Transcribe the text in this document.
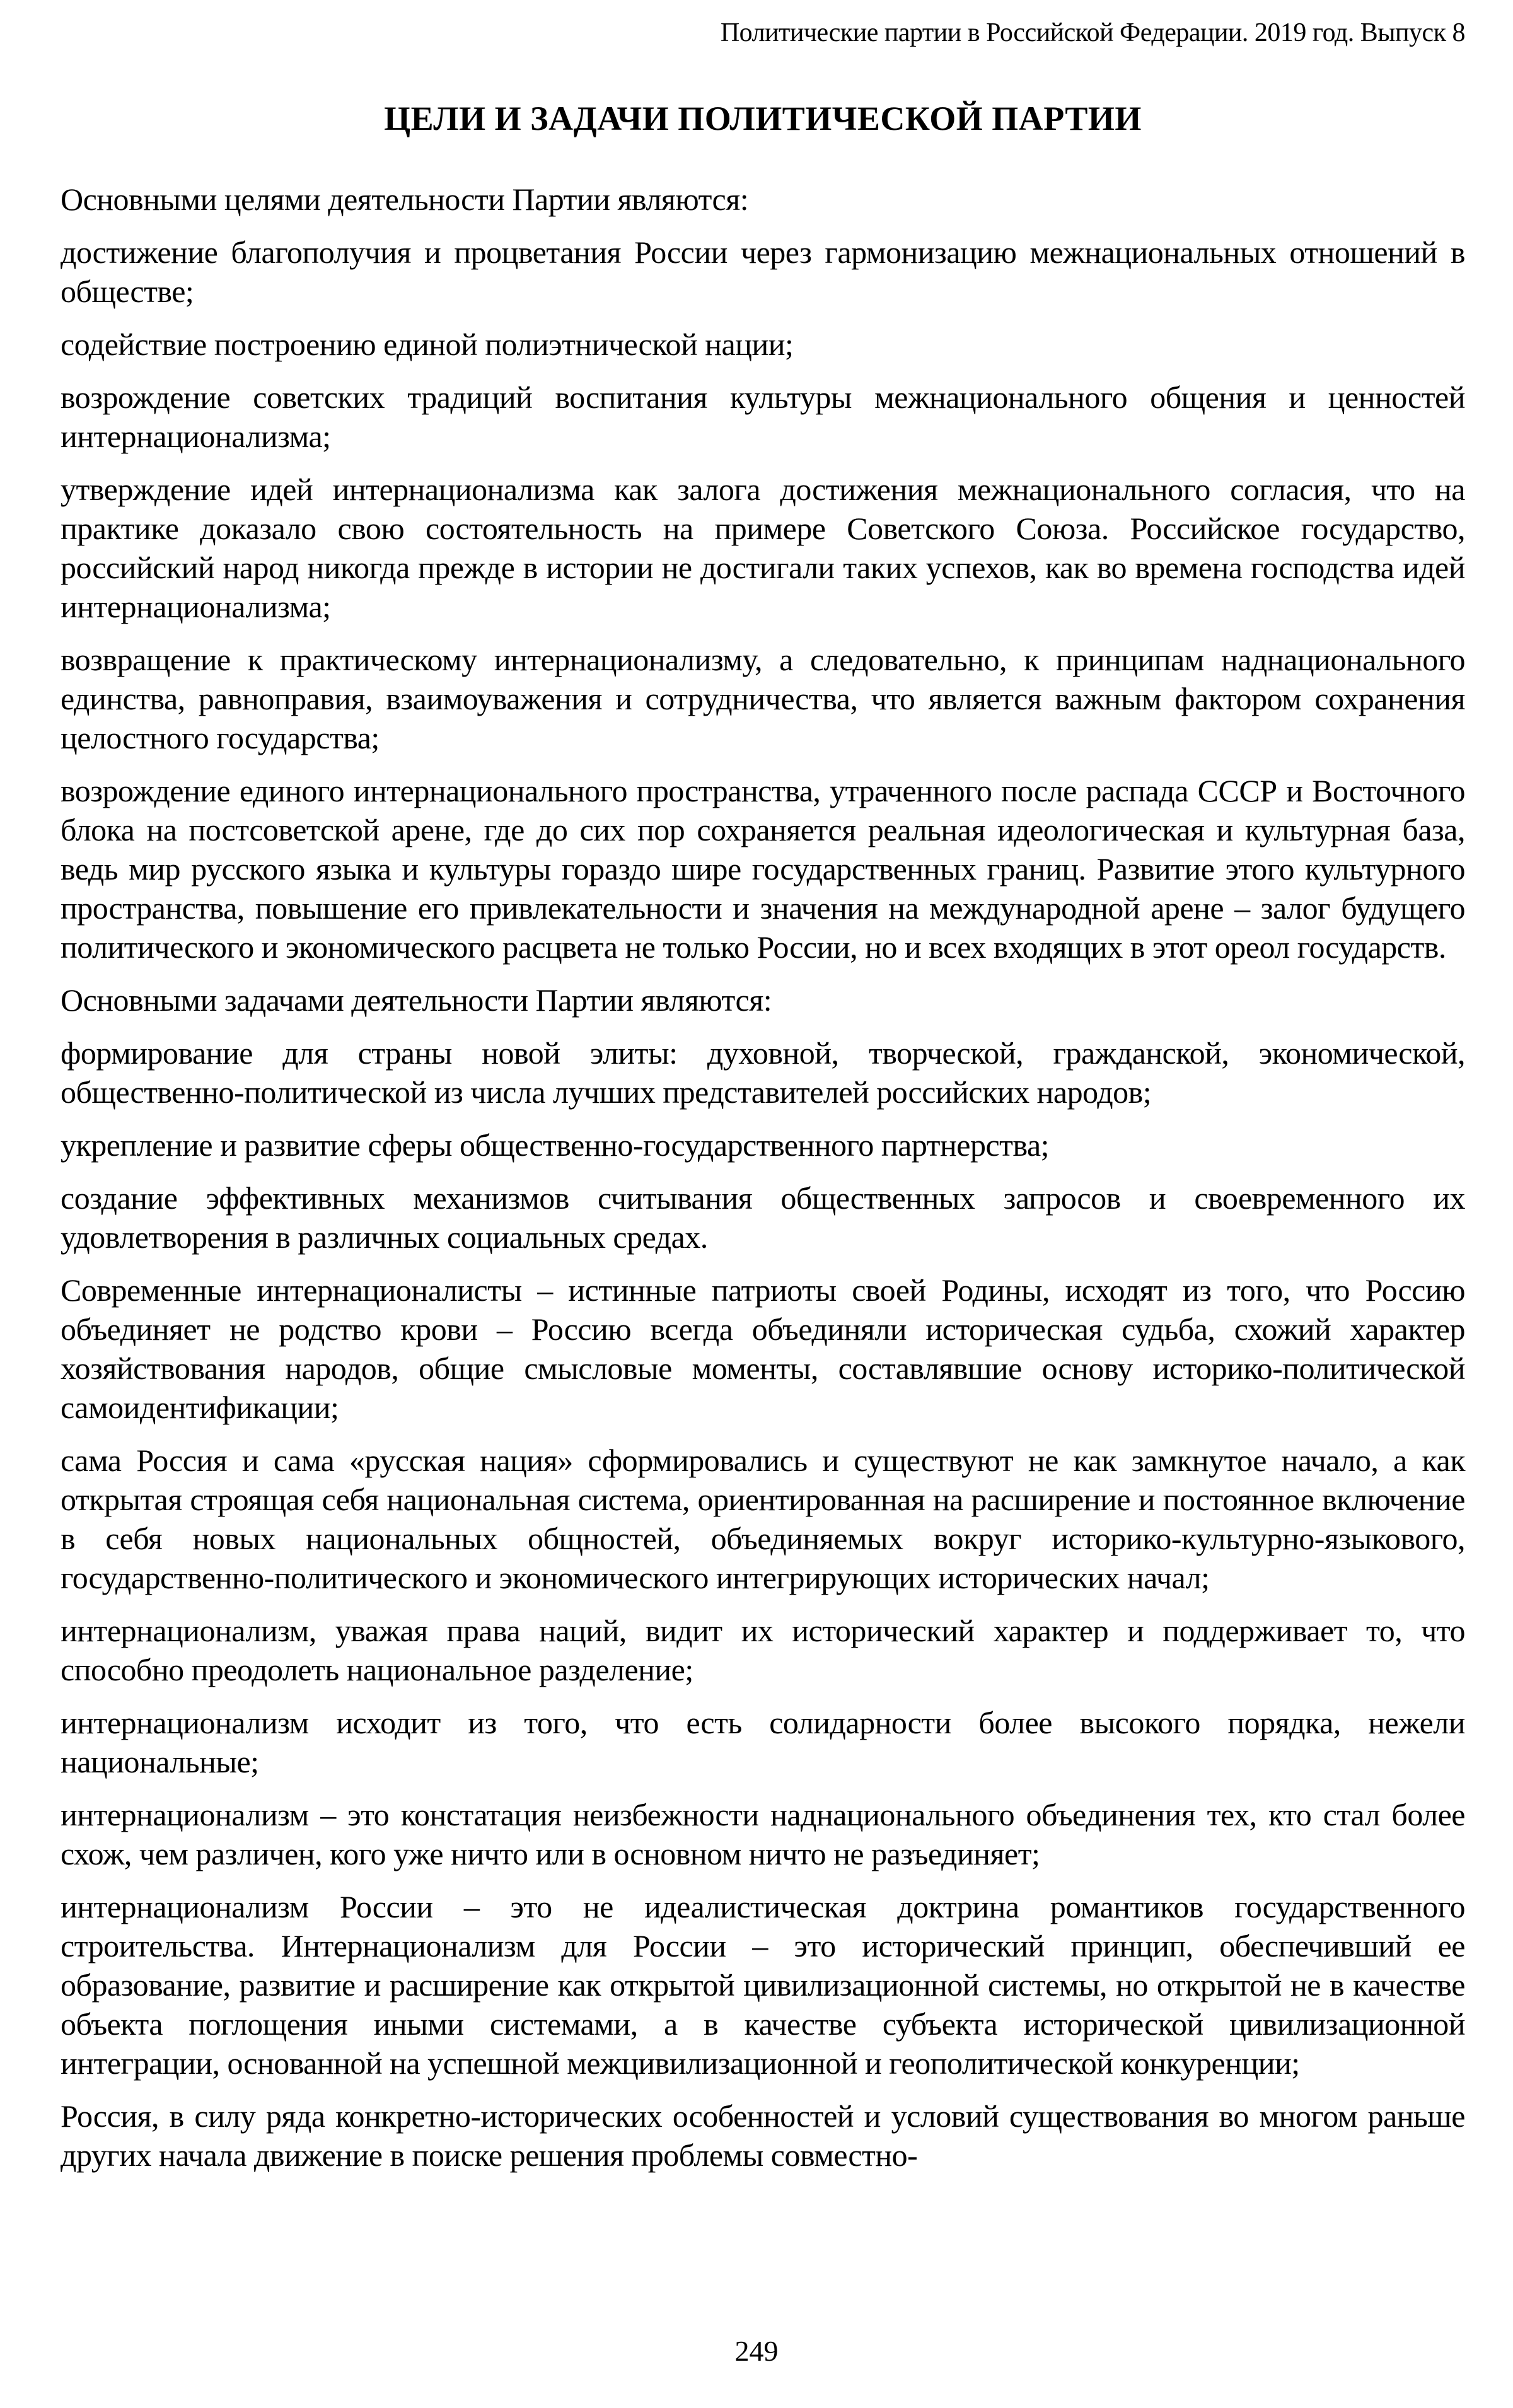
Политические партии в Российской Федерации. 2019 год. Выпуск 8
ЦЕЛИ И ЗАДАЧИ ПОЛИТИЧЕСКОЙ ПАРТИИ

Основными целями деятельности Партии являются:

достижение благополучия и процветания России через гармонизацию межнациональных отношений в обществе;

содействие построению единой полиэтнической нации;

возрождение советских традиций воспитания культуры межнационального общения и ценностей интернационализма;

утверждение идей интернационализма как залога достижения межнационального согласия, что на практике доказало свою состоятельность на примере Советского Союза. Российское государство, российский народ никогда прежде в истории не достигали таких успехов, как во времена господства идей интернационализма;

возвращение к практическому интернационализму, а следовательно, к принципам наднационального единства, равноправия, взаимоуважения и сотрудничества, что является важным фактором сохранения целостного государства;

возрождение единого интернационального пространства, утраченного после распада СССР и Восточного блока на постсоветской арене, где до сих пор сохраняется реальная идеологическая и культурная база, ведь мир русского языка и культуры гораздо шире государственных границ. Развитие этого культурного пространства, повышение его привлекательности и значения на международной арене – залог будущего политического и экономического расцвета не только России, но и всех входящих в этот ореол государств.

Основными задачами деятельности Партии являются:

формирование для страны новой элиты: духовной, творческой, гражданской, экономической, общественно-политической из числа лучших представителей российских народов;

укрепление и развитие сферы общественно-государственного партнерства;

создание эффективных механизмов считывания общественных запросов и своевременного их удовлетворения в различных социальных средах.

Современные интернационалисты – истинные патриоты своей Родины, исходят из того, что Россию объединяет не родство крови – Россию всегда объединяли историческая судьба, схожий характер хозяйствования народов, общие смысловые моменты, составлявшие основу историко-политической самоидентификации;

сама Россия и сама «русская нация» сформировались и существуют не как замкнутое начало, а как открытая строящая себя национальная система, ориентированная на расширение и постоянное включение в себя новых национальных общностей, объединяемых вокруг историко-культурно-языкового, государственно-политического и экономического интегрирующих исторических начал;

интернационализм, уважая права наций, видит их исторический характер и поддерживает то, что способно преодолеть национальное разделение;

интернационализм исходит из того, что есть солидарности более высокого порядка, нежели национальные;

интернационализм – это констатация неизбежности наднационального объединения тех, кто стал более схож, чем различен, кого уже ничто или в основном ничто не разъединяет;

интернационализм России – это не идеалистическая доктрина романтиков государственного строительства. Интернационализм для России – это исторический принцип, обеспечивший ее образование, развитие и расширение как открытой цивилизационной системы, но открытой не в качестве объекта поглощения иными системами, а в качестве субъекта исторической цивилизационной интеграции, основанной на успешной межцивилизационной и геополитической конкуренции;

Россия, в силу ряда конкретно-исторических особенностей и условий существования во многом раньше других начала движение в поиске решения проблемы совместно-

249
